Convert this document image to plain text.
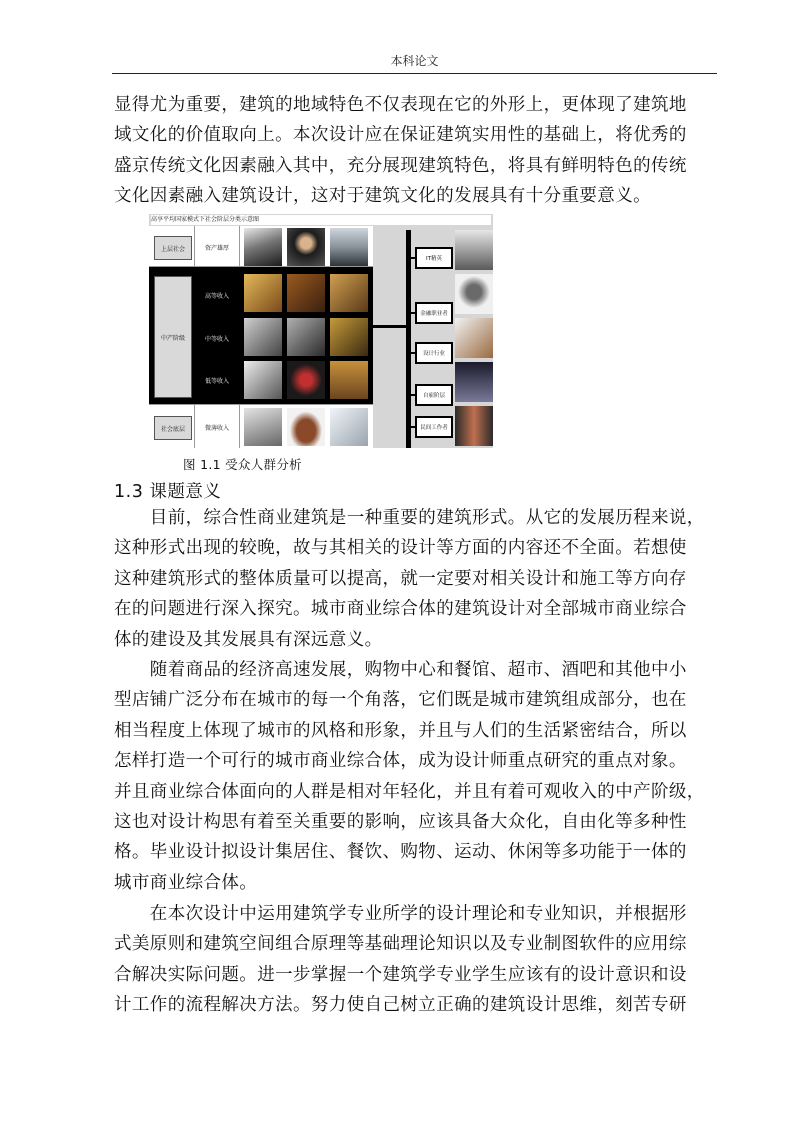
本科论文
显得尤为重要，建筑的地域特色不仅表现在它的外形上，更体现了建筑地
域文化的价值取向上。本次设计应在保证建筑实用性的基础上，将优秀的
盛京传统文化因素融入其中，充分展现建筑特色，将具有鲜明特色的传统
文化因素融入建筑设计，这对于建筑文化的发展具有十分重要意义。
高享平均国家模式下社会阶层分类示意图
上层社会	资产雄厚
中产阶级
高等收入
中等收入
低等收入
社会底层	微薄收入
IT精英
金融职业者
设计行业
自雇阶层
民间工作者
图 1.1 受众人群分析
1.3 课题意义
　　目前，综合性商业建筑是一种重要的建筑形式。从它的发展历程来说，
这种形式出现的较晚，故与其相关的设计等方面的内容还不全面。若想使
这种建筑形式的整体质量可以提高，就一定要对相关设计和施工等方向存
在的问题进行深入探究。城市商业综合体的建筑设计对全部城市商业综合
体的建设及其发展具有深远意义。
　　随着商品的经济高速发展，购物中心和餐馆、超市、酒吧和其他中小
型店铺广泛分布在城市的每一个角落，它们既是城市建筑组成部分，也在
相当程度上体现了城市的风格和形象，并且与人们的生活紧密结合，所以
怎样打造一个可行的城市商业综合体，成为设计师重点研究的重点对象。
并且商业综合体面向的人群是相对年轻化，并且有着可观收入的中产阶级，
这也对设计构思有着至关重要的影响，应该具备大众化，自由化等多种性
格。毕业设计拟设计集居住、餐饮、购物、运动、休闲等多功能于一体的
城市商业综合体。
　　在本次设计中运用建筑学专业所学的设计理论和专业知识，并根据形
式美原则和建筑空间组合原理等基础理论知识以及专业制图软件的应用综
合解决实际问题。进一步掌握一个建筑学专业学生应该有的设计意识和设
计工作的流程解决方法。努力使自己树立正确的建筑设计思维，刻苦专研
